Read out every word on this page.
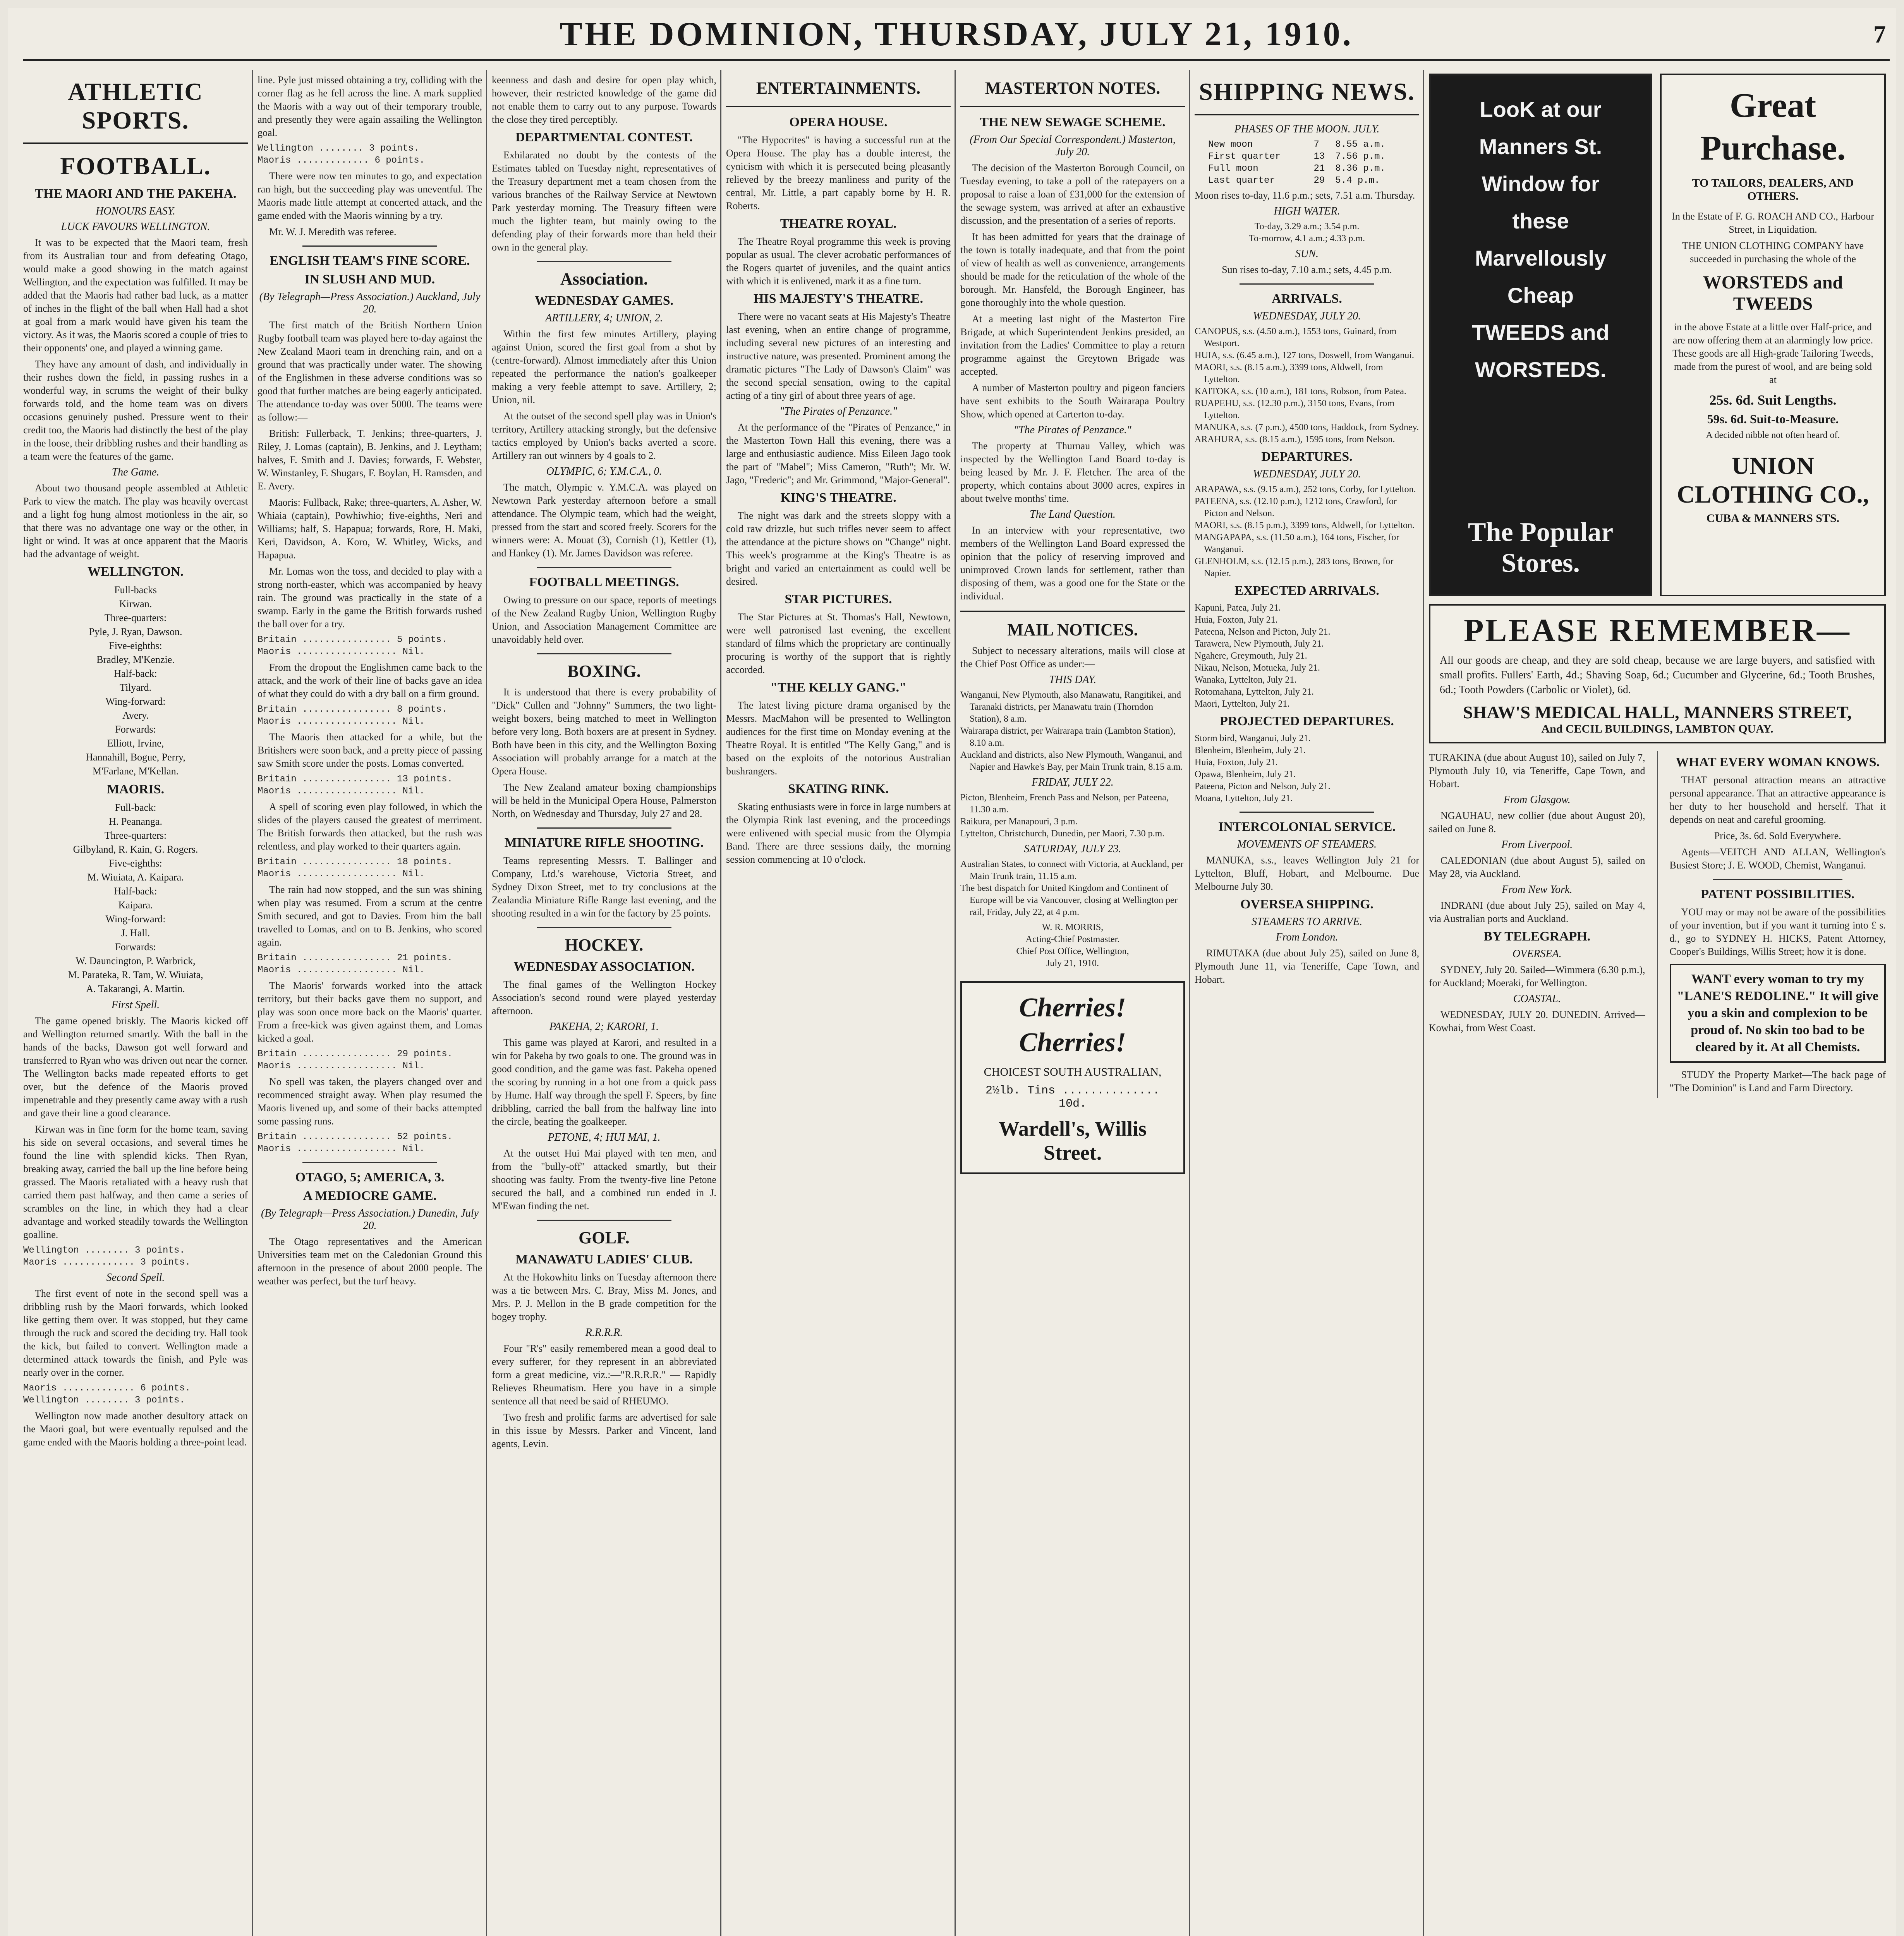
THE DOMINION, THURSDAY, JULY 21, 1910.	7
ATHLETIC SPORTS.
FOOTBALL.
THE MAORI AND THE PAKEHA.
HONOURS EASY.
LUCK FAVOURS WELLINGTON.
It was to be expected that the Maori team, fresh from its Australian tour and from defeating Otago, would make a good showing in the match against Wellington, and the expectation was fulfilled. It may be added that the Maoris had rather bad luck, as a matter of inches in the flight of the ball when Hall had a shot at goal from a mark would have given his team the victory. As it was, the Maoris scored a couple of tries to their opponents' one, and played a winning game.
They have any amount of dash, and individually in their rushes down the field, in passing rushes in a wonderful way, in scrums the weight of their bulky forwards told, and the home team was on divers occasions genuinely pushed. Pressure went to their credit too, the Maoris had distinctly the best of the play in the loose, their dribbling rushes and their handling as a team were the features of the game.
The Game.
About two thousand people assembled at Athletic Park to view the match. The play was heavily overcast and a light fog hung almost motionless in the air, so that there was no advantage one way or the other, in light or wind. It was at once apparent that the Maoris had the advantage of weight.
WELLINGTON.
Full-backs
Kirwan.
Three-quarters:
Pyle, J. Ryan, Dawson.
Five-eighths:
Bradley, M'Kenzie.
Half-back:
Tilyard.
Wing-forward:
Avery.
Forwards:
Elliott, Irvine,
Hannahill, Bogue, Perry,
M'Farlane, M'Kellan.
MAORIS.
Full-back:
H. Peananga.
Three-quarters:
Gilbyland, R. Kain, G. Rogers.
Five-eighths:
M. Wiuiata, A. Kaipara.
Half-back:
Kaipara.
Wing-forward:
J. Hall.
Forwards:
W. Dauncington, P. Warbrick,
M. Parateka, R. Tam, W. Wiuiata,
A. Takarangi, A. Martin.
First Spell.
The game opened briskly. The Maoris kicked off and Wellington returned smartly. With the ball in the hands of the backs, Dawson got well forward and transferred to Ryan who was driven out near the corner. The Wellington backs made repeated efforts to get over, but the defence of the Maoris proved impenetrable and they presently came away with a rush and gave their line a good clearance.
Kirwan was in fine form for the home team, saving his side on several occasions, and several times he found the line with splendid kicks. Then Ryan, breaking away, carried the ball up the line before being grassed. The Maoris retaliated with a heavy rush that carried them past halfway, and then came a series of scrambles on the line, in which they had a clear advantage and worked steadily towards the Wellington goalline.
Wellington ........ 3 points.
Maoris ............. 3 points.
Second Spell.
The first event of note in the second spell was a dribbling rush by the Maori forwards, which looked like getting them over. It was stopped, but they came through the ruck and scored the deciding try. Hall took the kick, but failed to convert. Wellington made a determined attack towards the finish, and Pyle was nearly over in the corner.
Maoris ............. 6 points.
Wellington ........ 3 points.
Wellington now made another desultory attack on the Maori goal, but were eventually repulsed and the game ended with the Maoris holding a three-point lead.
line. Pyle just missed obtaining a try, colliding with the corner flag as he fell across the line. A mark supplied the Maoris with a way out of their temporary trouble, and presently they were again assailing the Wellington goal.
Wellington ........ 3 points.
Maoris ............. 6 points.
There were now ten minutes to go, and expectation ran high, but the succeeding play was uneventful. The Maoris made little attempt at concerted attack, and the game ended with the Maoris winning by a try.
Mr. W. J. Meredith was referee.
ENGLISH TEAM'S FINE SCORE.
IN SLUSH AND MUD.
(By Telegraph—Press Association.) Auckland, July 20.
The first match of the British Northern Union Rugby football team was played here to-day against the New Zealand Maori team in drenching rain, and on a ground that was practically under water. The showing of the Englishmen in these adverse conditions was so good that further matches are being eagerly anticipated. The attendance to-day was over 5000. The teams were as follow:—
British: Fullerback, T. Jenkins; three-quarters, J. Riley, J. Lomas (captain), B. Jenkins, and J. Leytham; halves, F. Smith and J. Davies; forwards, F. Webster, W. Winstanley, F. Shugars, F. Boylan, H. Ramsden, and E. Avery.
Maoris: Fullback, Rake; three-quarters, A. Asher, W. Whiaia (captain), Powhiwhio; five-eighths, Neri and Williams; half, S. Hapapua; forwards, Rore, H. Maki, Keri, Davidson, A. Koro, W. Whitley, Wicks, and Hapapua.
Mr. Lomas won the toss, and decided to play with a strong north-easter, which was accompanied by heavy rain. The ground was practically in the state of a swamp. Early in the game the British forwards rushed the ball over for a try.
Britain ................ 5 points.
Maoris .................. Nil.
From the dropout the Englishmen came back to the attack, and the work of their line of backs gave an idea of what they could do with a dry ball on a firm ground.
Britain ................ 8 points.
Maoris .................. Nil.
The Maoris then attacked for a while, but the Britishers were soon back, and a pretty piece of passing saw Smith score under the posts. Lomas converted.
Britain ................ 13 points.
Maoris .................. Nil.
A spell of scoring even play followed, in which the slides of the players caused the greatest of merriment. The British forwards then attacked, but the rush was relentless, and play worked to their quarters again.
Britain ................ 18 points.
Maoris .................. Nil.
The rain had now stopped, and the sun was shining when play was resumed. From a scrum at the centre Smith secured, and got to Davies. From him the ball travelled to Lomas, and on to B. Jenkins, who scored again.
Britain ................ 21 points.
Maoris .................. Nil.
The Maoris' forwards worked into the attack territory, but their backs gave them no support, and play was soon once more back on the Maoris' quarter. From a free-kick was given against them, and Lomas kicked a goal.
Britain ................ 29 points.
Maoris .................. Nil.
No spell was taken, the players changed over and recommenced straight away. When play resumed the Maoris livened up, and some of their backs attempted some passing runs.
Britain ................ 52 points.
Maoris .................. Nil.
OTAGO, 5; AMERICA, 3.
A MEDIOCRE GAME.
(By Telegraph—Press Association.) Dunedin, July 20.
The Otago representatives and the American Universities team met on the Caledonian Ground this afternoon in the presence of about 2000 people. The weather was perfect, but the turf heavy.
keenness and dash and desire for open play which, however, their restricted knowledge of the game did not enable them to carry out to any purpose. Towards the close they tired perceptibly.
DEPARTMENTAL CONTEST.
Exhilarated no doubt by the contests of the Estimates tabled on Tuesday night, representatives of the Treasury department met a team chosen from the various branches of the Railway Service at Newtown Park yesterday morning. The Treasury fifteen were much the lighter team, but mainly owing to the defending play of their forwards more than held their own in the general play.
Association.
WEDNESDAY GAMES.
ARTILLERY, 4; UNION, 2.
Within the first few minutes Artillery, playing against Union, scored the first goal from a shot by (centre-forward). Almost immediately after this Union repeated the performance the nation's goalkeeper making a very feeble attempt to save. Artillery, 2; Union, nil.
At the outset of the second spell play was in Union's territory, Artillery attacking strongly, but the defensive tactics employed by Union's backs averted a score. Artillery ran out winners by 4 goals to 2.
OLYMPIC, 6; Y.M.C.A., 0.
The match, Olympic v. Y.M.C.A. was played on Newtown Park yesterday afternoon before a small attendance. The Olympic team, which had the weight, pressed from the start and scored freely. Scorers for the winners were: A. Mouat (3), Cornish (1), Kettler (1), and Hankey (1). Mr. James Davidson was referee.
FOOTBALL MEETINGS.
Owing to pressure on our space, reports of meetings of the New Zealand Rugby Union, Wellington Rugby Union, and Association Management Committee are unavoidably held over.
BOXING.
It is understood that there is every probability of "Dick" Cullen and "Johnny" Summers, the two light-weight boxers, being matched to meet in Wellington before very long. Both boxers are at present in Sydney. Both have been in this city, and the Wellington Boxing Association will probably arrange for a match at the Opera House.
The New Zealand amateur boxing championships will be held in the Municipal Opera House, Palmerston North, on Wednesday and Thursday, July 27 and 28.
MINIATURE RIFLE SHOOTING.
Teams representing Messrs. T. Ballinger and Company, Ltd.'s warehouse, Victoria Street, and Sydney Dixon Street, met to try conclusions at the Zealandia Miniature Rifle Range last evening, and the shooting resulted in a win for the factory by 25 points.
HOCKEY.
WEDNESDAY ASSOCIATION.
The final games of the Wellington Hockey Association's second round were played yesterday afternoon.
PAKEHA, 2; KARORI, 1.
This game was played at Karori, and resulted in a win for Pakeha by two goals to one. The ground was in good condition, and the game was fast. Pakeha opened the scoring by running in a hot one from a quick pass by Hume. Half way through the spell F. Speers, by fine dribbling, carried the ball from the halfway line into the circle, beating the goalkeeper.
PETONE, 4; HUI MAI, 1.
At the outset Hui Mai played with ten men, and from the "bully-off" attacked smartly, but their shooting was faulty. From the twenty-five line Petone secured the ball, and a combined run ended in J. M'Ewan finding the net.
GOLF.
MANAWATU LADIES' CLUB.
At the Hokowhitu links on Tuesday afternoon there was a tie between Mrs. C. Bray, Miss M. Jones, and Mrs. P. J. Mellon in the B grade competition for the bogey trophy.
R.R.R.R.
Four "R's" easily remembered mean a good deal to every sufferer, for they represent in an abbreviated form a great medicine, viz.:—"R.R.R.R." — Rapidly Relieves Rheumatism. Here you have in a simple sentence all that need be said of RHEUMO.
Two fresh and prolific farms are advertised for sale in this issue by Messrs. Parker and Vincent, land agents, Levin.
ENTERTAINMENTS.
OPERA HOUSE.
"The Hypocrites" is having a successful run at the Opera House. The play has a double interest, the cynicism with which it is persecuted being pleasantly relieved by the breezy manliness and purity of the central, Mr. Little, a part capably borne by H. R. Roberts.
THEATRE ROYAL.
The Theatre Royal programme this week is proving popular as usual. The clever acrobatic performances of the Rogers quartet of juveniles, and the quaint antics with which it is enlivened, mark it as a fine turn.
HIS MAJESTY'S THEATRE.
There were no vacant seats at His Majesty's Theatre last evening, when an entire change of programme, including several new pictures of an interesting and instructive nature, was presented. Prominent among the dramatic pictures "The Lady of Dawson's Claim" was the second special sensation, owing to the capital acting of a tiny girl of about three years of age.
"The Pirates of Penzance."
At the performance of the "Pirates of Penzance," in the Masterton Town Hall this evening, there was a large and enthusiastic audience. Miss Eileen Jago took the part of "Mabel"; Miss Cameron, "Ruth"; Mr. W. Jago, "Frederic"; and Mr. Grimmond, "Major-General".
KING'S THEATRE.
The night was dark and the streets sloppy with a cold raw drizzle, but such trifles never seem to affect the attendance at the picture shows on "Change" night. This week's programme at the King's Theatre is as bright and varied an entertainment as could well be desired.
STAR PICTURES.
The Star Pictures at St. Thomas's Hall, Newtown, were well patronised last evening, the excellent standard of films which the proprietary are continually procuring is worthy of the support that is rightly accorded.
"THE KELLY GANG."
The latest living picture drama organised by the Messrs. MacMahon will be presented to Wellington audiences for the first time on Monday evening at the Theatre Royal. It is entitled "The Kelly Gang," and is based on the exploits of the notorious Australian bushrangers.
SKATING RINK.
Skating enthusiasts were in force in large numbers at the Olympia Rink last evening, and the proceedings were enlivened with special music from the Olympia Band. There are three sessions daily, the morning session commencing at 10 o'clock.
MASTERTON NOTES.
THE NEW SEWAGE SCHEME.
(From Our Special Correspondent.) Masterton, July 20.
The decision of the Masterton Borough Council, on Tuesday evening, to take a poll of the ratepayers on a proposal to raise a loan of £31,000 for the extension of the sewage system, was arrived at after an exhaustive discussion, and the presentation of a series of reports.
It has been admitted for years that the drainage of the town is totally inadequate, and that from the point of view of health as well as convenience, arrangements should be made for the reticulation of the whole of the borough. Mr. Hansfeld, the Borough Engineer, has gone thoroughly into the whole question.
At a meeting last night of the Masterton Fire Brigade, at which Superintendent Jenkins presided, an invitation from the Ladies' Committee to play a return programme against the Greytown Brigade was accepted.
A number of Masterton poultry and pigeon fanciers have sent exhibits to the South Wairarapa Poultry Show, which opened at Carterton to-day.
"The Pirates of Penzance."
The property at Thurnau Valley, which was inspected by the Wellington Land Board to-day is being leased by Mr. J. F. Fletcher. The area of the property, which contains about 3000 acres, expires in about twelve months' time.
The Land Question.
In an interview with your representative, two members of the Wellington Land Board expressed the opinion that the policy of reserving improved and unimproved Crown lands for settlement, rather than disposing of them, was a good one for the State or the individual.
MAIL NOTICES.
Subject to necessary alterations, mails will close at the Chief Post Office as under:—
THIS DAY.
Wanganui, New Plymouth, also Manawatu, Rangitikei, and Taranaki districts, per Manawatu train (Thorndon Station), 8 a.m.
Wairarapa district, per Wairarapa train (Lambton Station), 8.10 a.m.
Auckland and districts, also New Plymouth, Wanganui, and Napier and Hawke's Bay, per Main Trunk train, 8.15 a.m.
FRIDAY, JULY 22.
Picton, Blenheim, French Pass and Nelson, per Pateena, 11.30 a.m.
Raikura, per Manapouri, 3 p.m.
Lyttelton, Christchurch, Dunedin, per Maori, 7.30 p.m.
SATURDAY, JULY 23.
Australian States, to connect with Victoria, at Auckland, per Main Trunk train, 11.15 a.m.
The best dispatch for United Kingdom and Continent of Europe will be via Vancouver, closing at Wellington per rail, Friday, July 22, at 4 p.m.
W. R. MORRIS,
Acting-Chief Postmaster.
Chief Post Office, Wellington,
July 21, 1910.
Cherries! Cherries!
CHOICEST SOUTH AUSTRALIAN,
2½lb. Tins .............. 10d.
Wardell's, Willis Street.
SHIPPING NEWS.
PHASES OF THE MOON. JULY.
New moon	7	8.55 a.m.
First quarter	13	7.56 p.m.
Full moon	21	8.36 p.m.
Last quarter	29	5.4 p.m.
Moon rises to-day, 11.6 p.m.; sets, 7.51 a.m. Thursday.
HIGH WATER.
To-day, 3.29 a.m.; 3.54 p.m.
To-morrow, 4.1 a.m.; 4.33 p.m.
SUN.
Sun rises to-day, 7.10 a.m.; sets, 4.45 p.m.
ARRIVALS.
WEDNESDAY, JULY 20.
CANOPUS, s.s. (4.50 a.m.), 1553 tons, Guinard, from Westport.
HUIA, s.s. (6.45 a.m.), 127 tons, Doswell, from Wanganui.
MAORI, s.s. (8.15 a.m.), 3399 tons, Aldwell, from Lyttelton.
KAITOKA, s.s. (10 a.m.), 181 tons, Robson, from Patea.
RUAPEHU, s.s. (12.30 p.m.), 3150 tons, Evans, from Lyttelton.
MANUKA, s.s. (7 p.m.), 4500 tons, Haddock, from Sydney.
ARAHURA, s.s. (8.15 a.m.), 1595 tons, from Nelson.
DEPARTURES.
WEDNESDAY, JULY 20.
ARAPAWA, s.s. (9.15 a.m.), 252 tons, Corby, for Lyttelton.
PATEENA, s.s. (12.10 p.m.), 1212 tons, Crawford, for Picton and Nelson.
MAORI, s.s. (8.15 p.m.), 3399 tons, Aldwell, for Lyttelton.
MANGAPAPA, s.s. (11.50 a.m.), 164 tons, Fischer, for Wanganui.
GLENHOLM, s.s. (12.15 p.m.), 283 tons, Brown, for Napier.
EXPECTED ARRIVALS.
Kapuni, Patea, July 21.
Huia, Foxton, July 21.
Pateena, Nelson and Picton, July 21.
Tarawera, New Plymouth, July 21.
Ngahere, Greymouth, July 21.
Nikau, Nelson, Motueka, July 21.
Wanaka, Lyttelton, July 21.
Rotomahana, Lyttelton, July 21.
Maori, Lyttelton, July 21.
PROJECTED DEPARTURES.
Storm bird, Wanganui, July 21.
Blenheim, Blenheim, July 21.
Huia, Foxton, July 21.
Opawa, Blenheim, July 21.
Pateena, Picton and Nelson, July 21.
Moana, Lyttelton, July 21.
INTERCOLONIAL SERVICE.
MOVEMENTS OF STEAMERS.
MANUKA, s.s., leaves Wellington July 21 for Lyttelton, Bluff, Hobart, and Melbourne. Due Melbourne July 30.
OVERSEA SHIPPING.
STEAMERS TO ARRIVE.
From London.
RIMUTAKA (due about July 25), sailed on June 8, Plymouth June 11, via Teneriffe, Cape Town, and Hobart.
LooK at our
Manners St.
Window for
these
Marvellously
Cheap
TWEEDS and
WORSTEDS.
The Popular Stores.
Great Purchase.
TO TAILORS, DEALERS, AND OTHERS.
In the Estate of F. G. ROACH AND CO., Harbour Street, in Liquidation.
THE UNION CLOTHING COMPANY have succeeded in purchasing the whole of the
WORSTEDS and TWEEDS
in the above Estate at a little over Half-price, and are now offering them at an alarmingly low price. These goods are all High-grade Tailoring Tweeds, made from the purest of wool, and are being sold at
25s. 6d. Suit Lengths.
59s. 6d. Suit-to-Measure.
A decided nibble not often heard of.
UNION CLOTHING CO.,
CUBA & MANNERS STS.
PLEASE REMEMBER—
All our goods are cheap, and they are sold cheap, because we are large buyers, and satisfied with small profits. Fullers' Earth, 4d.; Shaving Soap, 6d.; Cucumber and Glycerine, 6d.; Tooth Brushes, 6d.; Tooth Powders (Carbolic or Violet), 6d.
SHAW'S MEDICAL HALL, MANNERS STREET,
And CECIL BUILDINGS, LAMBTON QUAY.
TURAKINA (due about August 10), sailed on July 7, Plymouth July 10, via Teneriffe, Cape Town, and Hobart.
From Glasgow.
NGAUHAU, new collier (due about August 20), sailed on June 8.
From Liverpool.
CALEDONIAN (due about August 5), sailed on May 28, via Auckland.
From New York.
INDRANI (due about July 25), sailed on May 4, via Australian ports and Auckland.
BY TELEGRAPH.
OVERSEA.
SYDNEY, July 20. Sailed—Wimmera (6.30 p.m.), for Auckland; Moeraki, for Wellington.
COASTAL.
WEDNESDAY, JULY 20. DUNEDIN. Arrived—Kowhai, from West Coast.
WHAT EVERY WOMAN KNOWS.
THAT personal attraction means an attractive personal appearance. That an attractive appearance is her duty to her household and herself. That it depends on neat and careful grooming.
Price, 3s. 6d. Sold Everywhere.
Agents—VEITCH AND ALLAN, Wellington's Busiest Store; J. E. WOOD, Chemist, Wanganui.
PATENT POSSIBILITIES.
YOU may or may not be aware of the possibilities of your invention, but if you want it turning into £ s. d., go to SYDNEY H. HICKS, Patent Attorney, Cooper's Buildings, Willis Street; how it is done.
WANT every woman to try my "LANE'S REDOLINE." It will give you a skin and complexion to be proud of. No skin too bad to be cleared by it. At all Chemists.
STUDY the Property Market—The back page of "The Dominion" is Land and Farm Directory.
